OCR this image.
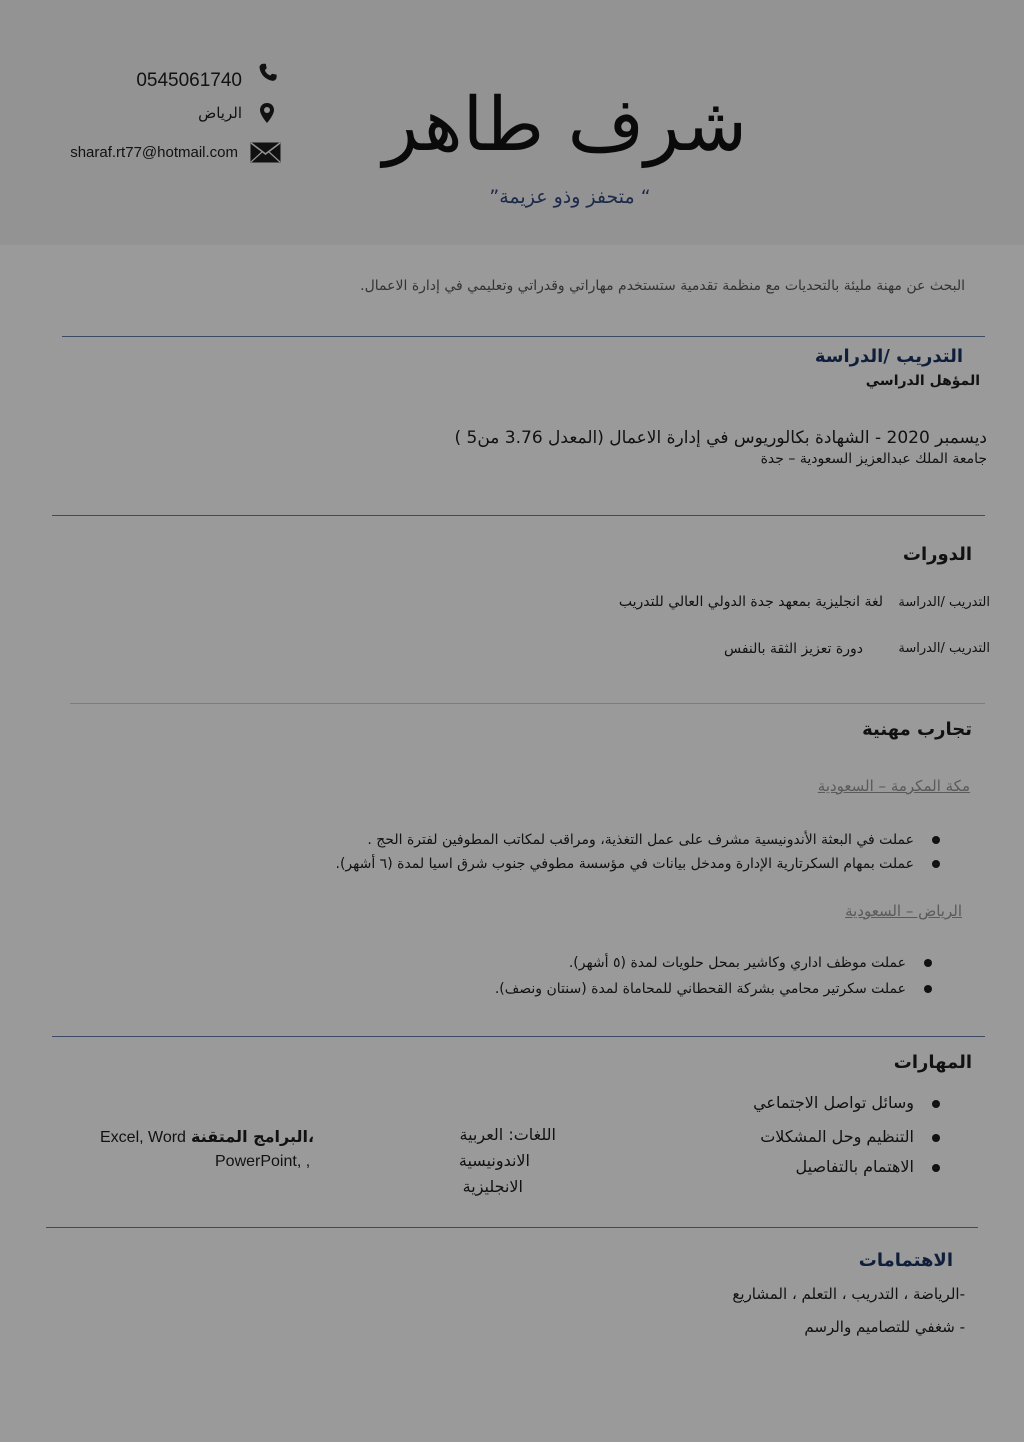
شرف طاهر
”متحفز وذو عزيمة “
0545061740
الرياض
sharaf.rt77@hotmail.com
البحث عن مهنة مليئة بالتحديات مع منظمة تقدمية ستستخدم مهاراتي وقدراتي وتعليمي في إدارة الاعمال.
التدريب /الدراسة
المؤهل الدراسي
ديسمبر 2020 - الشهادة بكالوريوس في إدارة الاعمال (المعدل 3.76 من5 )
جامعة الملك عبدالعزيز السعودية – جدة
الدورات
التدريب /الدراسة
لغة انجليزية بمعهد جدة الدولي العالي للتدريب
التدريب /الدراسة
دورة تعزيز الثقة بالنفس
تجارب مهنية
مكة المكرمة – السعودية
عملت في البعثة الأندونيسية مشرف على عمل التغذية، ومراقب لمكاتب المطوفين لفترة الحج .
عملت بمهام السكرتارية الإدارة ومدخل بيانات في مؤسسة مطوفي جنوب شرق اسيا لمدة (٦ أشهر).
الرياض – السعودية
عملت موظف اداري وكاشير بمحل حلويات لمدة (٥ أشهر).
عملت سكرتير محامي بشركة القحطاني للمحاماة لمدة (سنتان ونصف).
المهارات
وسائل تواصل الاجتماعي
التنظيم وحل المشكلات
الاهتمام بالتفاصيل
اللغات: العربية
الاندونيسية
الانجليزية
Excel, Word البرامج المتقنة،
PowerPoint, ,
الاهتمامات
-الرياضة ، التدريب ، التعلم ، المشاريع
- شغفي للتصاميم والرسم
